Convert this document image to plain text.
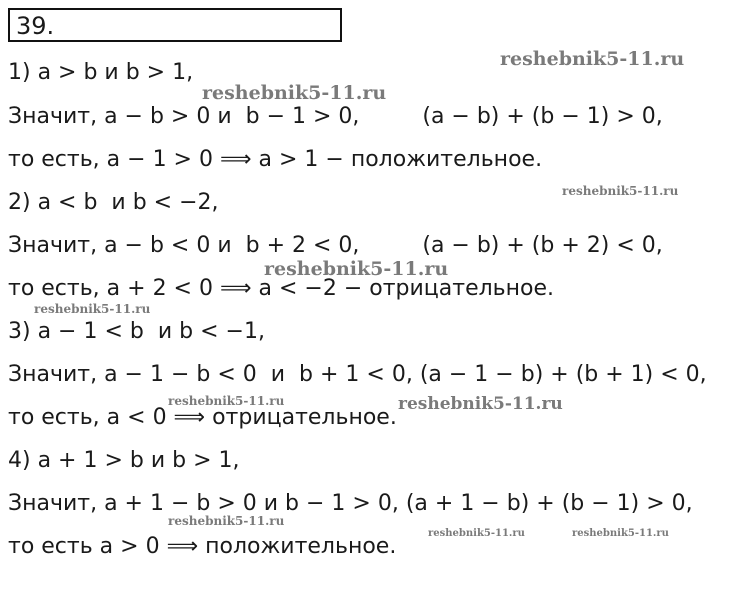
39.
1) a > b и b > 1,
Значит, a − b > 0 и  b − 1 > 0,         (a − b) + (b − 1) > 0,
то есть, a − 1 > 0 ⟹ a > 1 − положительное.
2) a < b  и b < −2,
Значит, a − b < 0 и  b + 2 < 0,         (a − b) + (b + 2) < 0,
то есть, a + 2 < 0 ⟹ a < −2 − отрицательное.
3) a − 1 < b  и b < −1,
Значит, a − 1 − b < 0  и  b + 1 < 0, (a − 1 − b) + (b + 1) < 0,
то есть, a < 0 ⟹ отрицательное.
4) a + 1 > b и b > 1,
Значит, a + 1 − b > 0 и b − 1 > 0, (a + 1 − b) + (b − 1) > 0,
то есть a > 0 ⟹ положительное.
reshebnik5-11.ru
reshebnik5-11.ru
reshebnik5-11.ru
reshebnik5-11.ru
reshebnik5-11.ru
reshebnik5-11.ru	reshebnik5-11.ru
reshebnik5-11.ru
reshebnik5-11.ru	reshebnik5-11.ru
